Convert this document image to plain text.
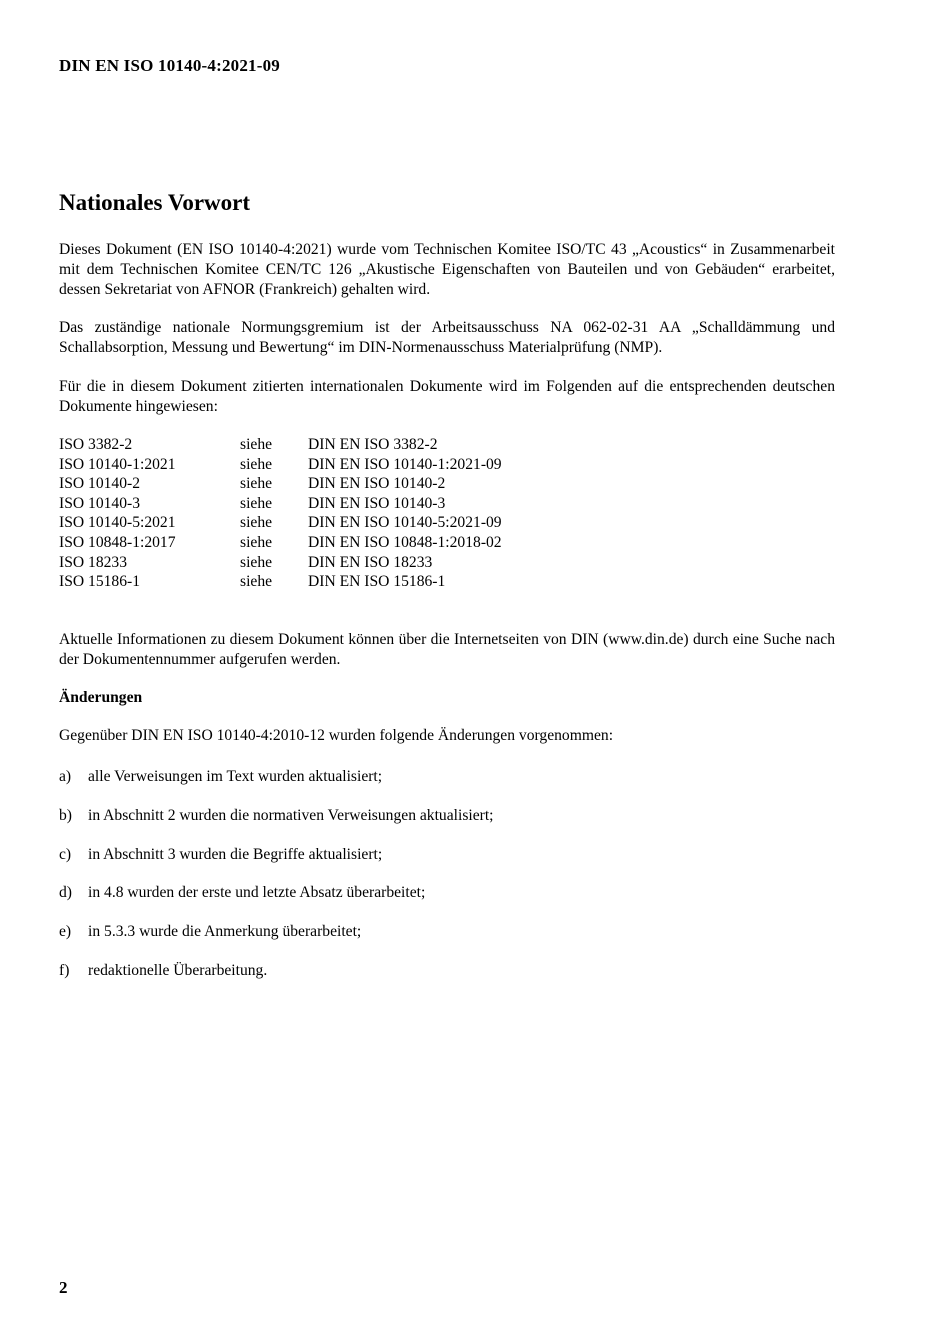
DIN EN ISO 10140-4:2021-09
Nationales Vorwort
Dieses Dokument (EN ISO 10140-4:2021) wurde vom Technischen Komitee ISO/TC 43 „Acoustics“ in Zusammenarbeit mit dem Technischen Komitee CEN/TC 126 „Akustische Eigenschaften von Bauteilen und von Gebäuden“ erarbeitet, dessen Sekretariat von AFNOR (Frankreich) gehalten wird.
Das zuständige nationale Normungsgremium ist der Arbeitsausschuss NA 062-02-31 AA „Schalldämmung und Schallabsorption, Messung und Bewertung“ im DIN-Normenausschuss Materialprüfung (NMP).
Für die in diesem Dokument zitierten internationalen Dokumente wird im Folgenden auf die entsprechenden deutschen Dokumente hingewiesen:
ISO 3382-2	siehe	DIN EN ISO 3382-2
ISO 10140-1:2021	siehe	DIN EN ISO 10140-1:2021-09
ISO 10140-2	siehe	DIN EN ISO 10140-2
ISO 10140-3	siehe	DIN EN ISO 10140-3
ISO 10140-5:2021	siehe	DIN EN ISO 10140-5:2021-09
ISO 10848-1:2017	siehe	DIN EN ISO 10848-1:2018-02
ISO 18233	siehe	DIN EN ISO 18233
ISO 15186-1	siehe	DIN EN ISO 15186-1
Aktuelle Informationen zu diesem Dokument können über die Internetseiten von DIN (www.din.de) durch eine Suche nach der Dokumentennummer aufgerufen werden.
Änderungen
Gegenüber DIN EN ISO 10140-4:2010-12 wurden folgende Änderungen vorgenommen:
a) alle Verweisungen im Text wurden aktualisiert;
b) in Abschnitt 2 wurden die normativen Verweisungen aktualisiert;
c) in Abschnitt 3 wurden die Begriffe aktualisiert;
d) in 4.8 wurden der erste und letzte Absatz überarbeitet;
e) in 5.3.3 wurde die Anmerkung überarbeitet;
f) redaktionelle Überarbeitung.
2
